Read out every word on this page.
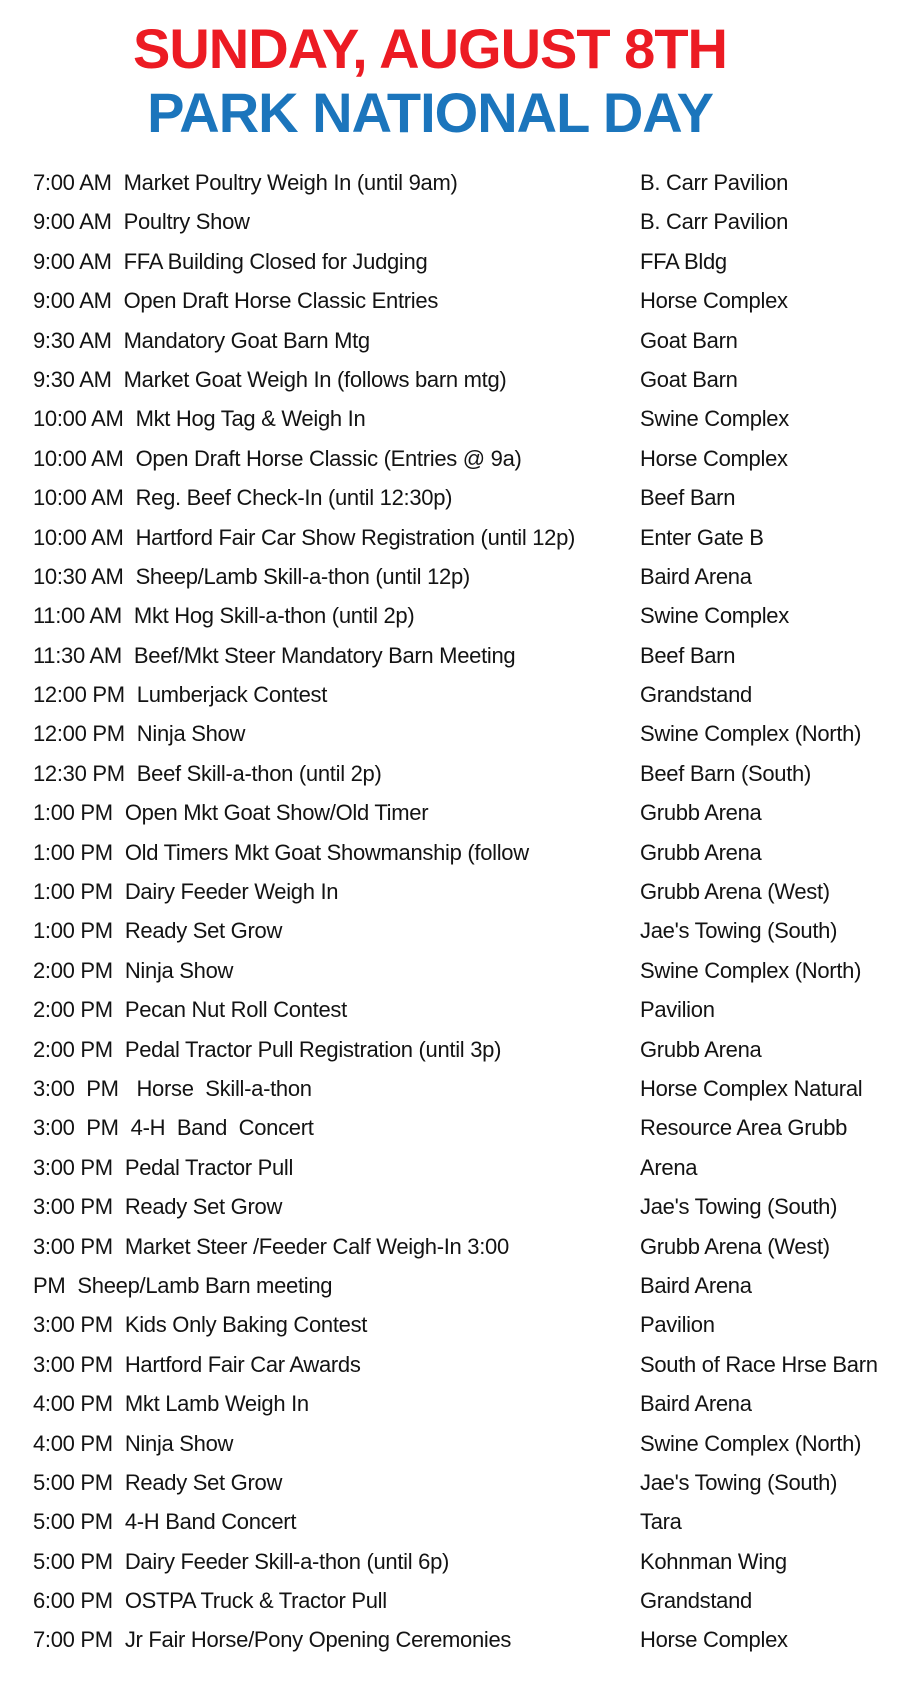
SUNDAY, AUGUST 8TH
PARK NATIONAL DAY
7:00 AM Market Poultry Weigh In (until 9am)	B. Carr Pavilion
9:00 AM Poultry Show	B. Carr Pavilion
9:00 AM FFA Building Closed for Judging	FFA Bldg
9:00 AM Open Draft Horse Classic Entries	Horse Complex
9:30 AM Mandatory Goat Barn Mtg	Goat Barn
9:30 AM Market Goat Weigh In (follows barn mtg)	Goat Barn
10:00 AM Mkt Hog Tag & Weigh In	Swine Complex
10:00 AM Open Draft Horse Classic (Entries @ 9a)	Horse Complex
10:00 AM Reg. Beef Check-In (until 12:30p)	Beef Barn
10:00 AM Hartford Fair Car Show Registration (until 12p)	Enter Gate B
10:30 AM Sheep/Lamb Skill-a-thon (until 12p)	Baird Arena
11:00 AM Mkt Hog Skill-a-thon (until 2p)	Swine Complex
11:30 AM Beef/Mkt Steer Mandatory Barn Meeting	Beef Barn
12:00 PM Lumberjack Contest	Grandstand
12:00 PM Ninja Show	Swine Complex (North)
12:30 PM Beef Skill-a-thon (until 2p)	Beef Barn (South)
1:00 PM Open Mkt Goat Show/Old Timer	Grubb Arena
1:00 PM Old Timers Mkt Goat Showmanship (follow	Grubb Arena
1:00 PM Dairy Feeder Weigh In	Grubb Arena (West)
1:00 PM Ready Set Grow	Jae's Towing (South)
2:00 PM Ninja Show	Swine Complex (North)
2:00 PM Pecan Nut Roll Contest	Pavilion
2:00 PM Pedal Tractor Pull Registration (until 3p)	Grubb Arena
3:00  PM Horse  Skill-a-thon	Horse Complex Natural
3:00  PM 4-H  Band  Concert	Resource Area Grubb
3:00 PM Pedal Tractor Pull	Arena
3:00 PM Ready Set Grow	Jae's Towing (South)
3:00 PM Market Steer /Feeder Calf Weigh-In 3:00	Grubb Arena (West)
PM Sheep/Lamb Barn meeting	Baird Arena
3:00 PM Kids Only Baking Contest	Pavilion
3:00 PM Hartford Fair Car Awards	South of Race Hrse Barn
4:00 PM Mkt Lamb Weigh In	Baird Arena
4:00 PM Ninja Show	Swine Complex (North)
5:00 PM Ready Set Grow	Jae's Towing (South)
5:00 PM 4-H Band Concert	Tara
5:00 PM Dairy Feeder Skill-a-thon (until 6p)	Kohnman Wing
6:00 PM OSTPA Truck & Tractor Pull	Grandstand
7:00 PM Jr Fair Horse/Pony Opening Ceremonies	Horse Complex
